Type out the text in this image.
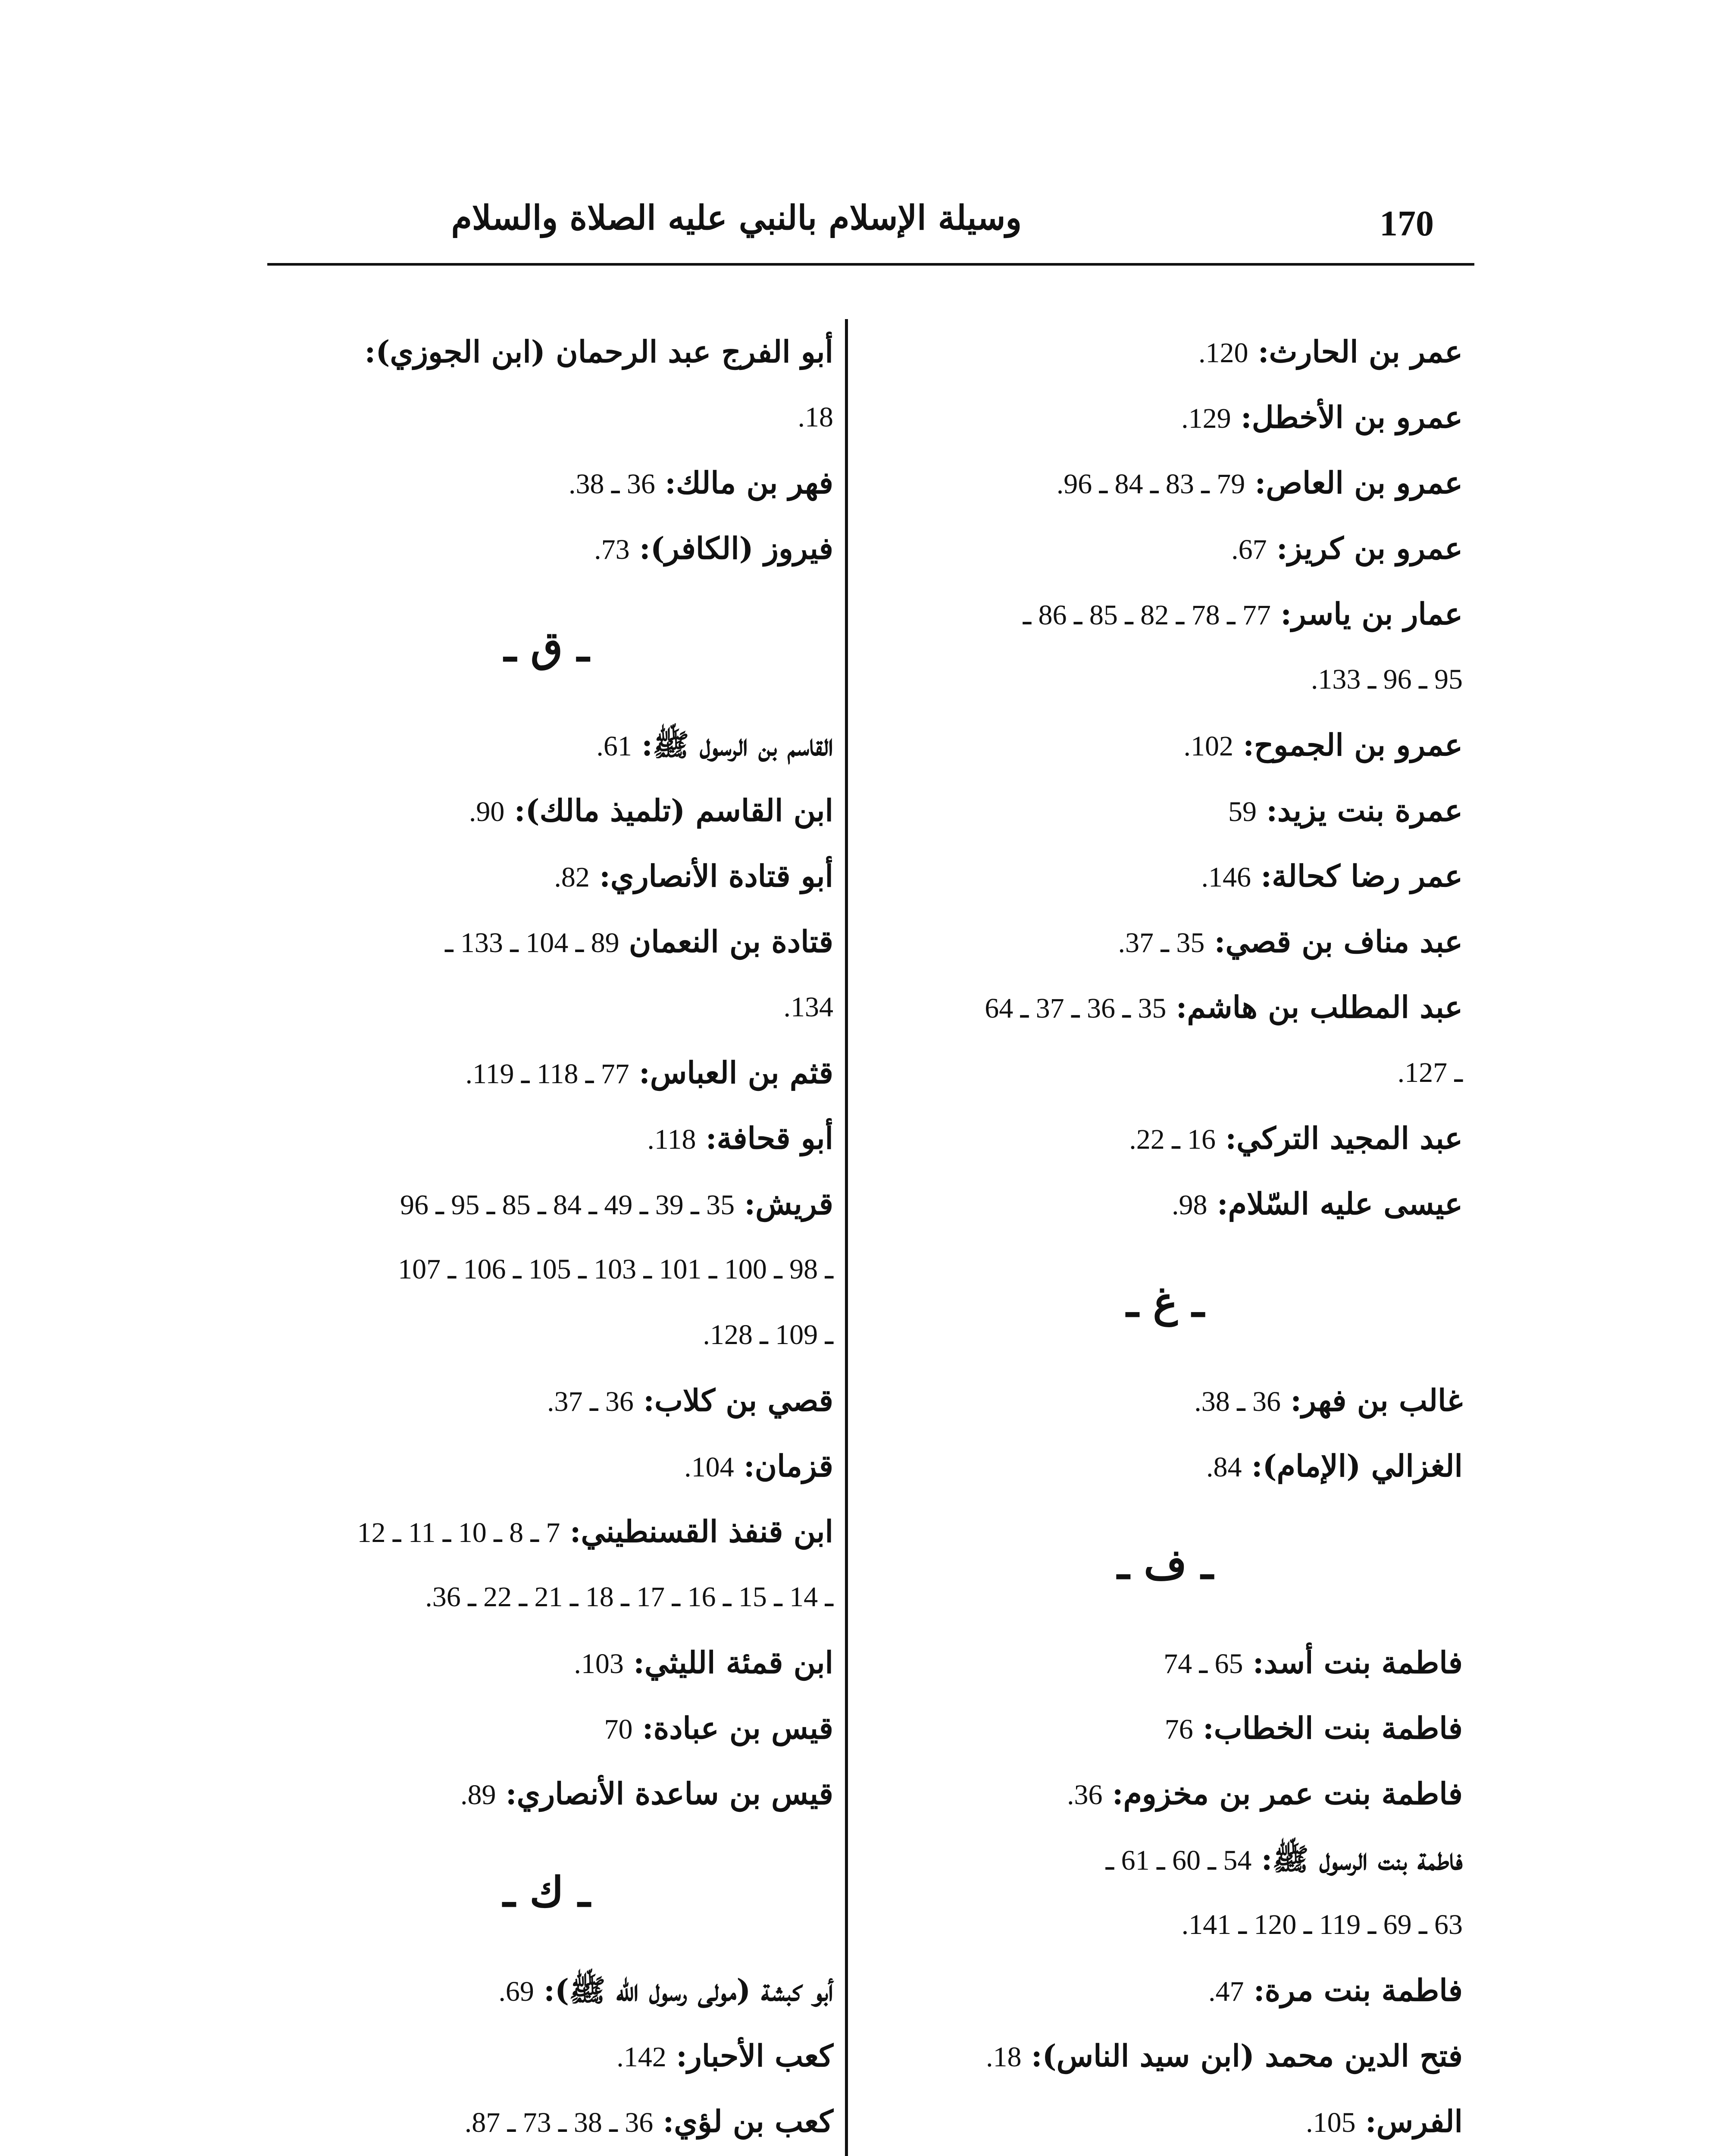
170
وسيلة الإسلام بالنبي عليه الصلاة والسلام
عمر بن الحارث: 120.
عمرو بن الأخطل: 129.
عمرو بن العاص: 79 ـ 83 ـ 84 ـ 96.
عمرو بن كريز: 67.
عمار بن ياسر: 77 ـ 78 ـ 82 ـ 85 ـ 86 ـ
95 ـ 96 ـ 133.
عمرو بن الجموح: 102.
عمرة بنت يزيد: 59
عمر رضا كحالة: 146.
عبد مناف بن قصي: 35 ـ 37.
عبد المطلب بن هاشم: 35 ـ 36 ـ 37 ـ 64
ـ 127.
عبد المجيد التركي: 16 ـ 22.
عيسى عليه السّلام: 98.
ـ غ ـ
غالب بن فهر: 36 ـ 38.
الغزالي (الإمام): 84.
ـ ف ـ
فاطمة بنت أسد: 65 ـ 74
فاطمة بنت الخطاب: 76
فاطمة بنت عمر بن مخزوم: 36.
فاطمة بنت الرسول ﷺ: 54 ـ 60 ـ 61 ـ
63 ـ 69 ـ 119 ـ 120 ـ 141.
فاطمة بنت مرة: 47.
فتح الدين محمد (ابن سيد الناس): 18.
الفرس: 105.
أبو الفرج عبد الرحمان (ابن الجوزي):
18.
فهر بن مالك: 36 ـ 38.
فيروز (الكافر): 73.
ـ ق ـ
القاسم بن الرسول ﷺ: 61.
ابن القاسم (تلميذ مالك): 90.
أبو قتادة الأنصاري: 82.
قتادة بن النعمان 89 ـ 104 ـ 133 ـ
134.
قثم بن العباس: 77 ـ 118 ـ 119.
أبو قحافة: 118.
قريش: 35 ـ 39 ـ 49 ـ 84 ـ 85 ـ 95 ـ 96
ـ 98 ـ 100 ـ 101 ـ 103 ـ 105 ـ 106 ـ 107
ـ 109 ـ 128.
قصي بن كلاب: 36 ـ 37.
قزمان: 104.
ابن قنفذ القسنطيني: 7 ـ 8 ـ 10 ـ 11 ـ 12
ـ 14 ـ 15 ـ 16 ـ 17 ـ 18 ـ 21 ـ 22 ـ 36.
ابن قمئة الليثي: 103.
قيس بن عبادة: 70
قيس بن ساعدة الأنصاري: 89.
ـ ك ـ
أبو كبشة (مولى رسول الله ﷺ): 69.
كعب الأحبار: 142.
كعب بن لؤي: 36 ـ 38 ـ 73 ـ 87.
